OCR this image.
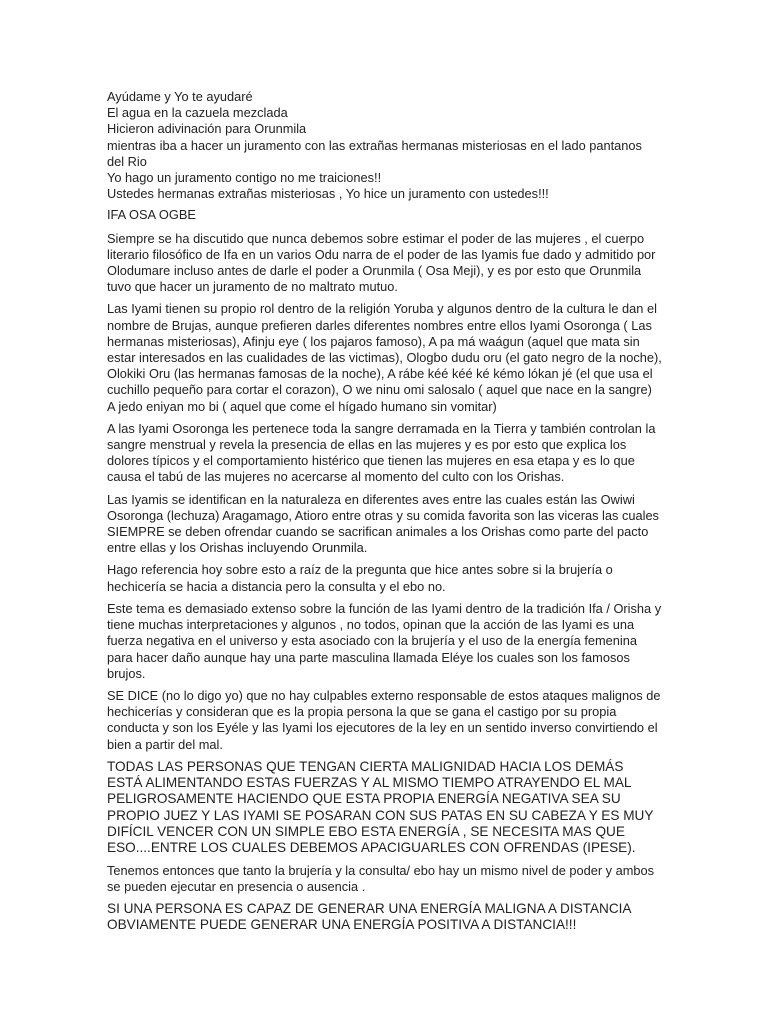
Ayúdame y Yo te ayudaré

El agua en la cazuela mezclada

Hicieron adivinación para Orunmila

mientras iba a hacer un juramento con las extrañas hermanas misteriosas en el lado pantanos del Rio

Yo hago un juramento contigo no me traiciones!!

Ustedes hermanas extrañas misteriosas , Yo hice un juramento con ustedes!!!

IFA OSA OGBE

Siempre se ha discutido que nunca debemos sobre estimar el poder de las mujeres , el cuerpo literario filosófico de Ifa en un varios Odu narra de el poder de las Iyamis fue dado y admitido por Olodumare incluso antes de darle el poder a Orunmila ( Osa Meji), y es por esto que Orunmila tuvo que hacer un juramento de no maltrato mutuo.

Las Iyami tienen su propio rol dentro de la religión Yoruba y algunos dentro de la cultura le dan el nombre de Brujas, aunque prefieren darles diferentes nombres entre ellos Iyami Osoronga ( Las hermanas misteriosas), Afinju eye ( los pajaros famoso), A pa má waágun (aquel que mata sin estar interesados en las cualidades de las victimas), Ologbo dudu oru (el gato negro de la noche), Olokiki Oru (las hermanas famosas de la noche), A rábe kéé kéé ké kémo lókan jé (el que usa el cuchillo pequeño para cortar el corazon), O we ninu omi salosalo ( aquel que nace en la sangre) A jedo eniyan mo bi ( aquel que come el hígado humano sin vomitar)

A las Iyami Osoronga les pertenece toda la sangre derramada en la Tierra y también controlan la sangre menstrual y revela la presencia de ellas en las mujeres y es por esto que explica los dolores típicos y el comportamiento histérico que tienen las mujeres en esa etapa y es lo que causa el tabú de las mujeres no acercarse al momento del culto con los Orishas.

Las Iyamis se identifican en la naturaleza en diferentes aves entre las cuales están las Owiwi Osoronga (lechuza) Aragamago, Atioro entre otras y su comida favorita son las viceras las cuales SIEMPRE se deben ofrendar cuando se sacrifican animales a los Orishas como parte del pacto entre ellas y los Orishas incluyendo Orunmila.

Hago referencia hoy sobre esto a raíz de la pregunta que hice antes sobre si la brujería o hechicería se hacia a distancia pero la consulta y el ebo no.

Este tema es demasiado extenso sobre la función de las Iyami dentro de la tradición Ifa / Orisha y tiene muchas interpretaciones y algunos , no todos, opinan que la acción de las Iyami es una fuerza negativa en el universo y esta asociado con la brujería y el uso de la energía femenina para hacer daño aunque hay una parte masculina llamada Eléye los cuales son los famosos brujos.

SE DICE (no lo digo yo) que no hay culpables externo responsable de estos ataques malignos de hechicerías y consideran que es la propia persona la que se gana el castigo por su propia conducta y son los Eyéle y las Iyami los ejecutores de la ley en un sentido inverso convirtiendo el bien a partir del mal.

TODAS LAS PERSONAS QUE TENGAN CIERTA MALIGNIDAD HACIA LOS DEMÁS ESTÁ ALIMENTANDO ESTAS FUERZAS Y AL MISMO TIEMPO ATRAYENDO EL MAL PELIGROSAMENTE HACIENDO QUE ESTA PROPIA ENERGÍA NEGATIVA SEA SU PROPIO JUEZ Y LAS IYAMI SE POSARAN CON SUS PATAS EN SU CABEZA Y ES MUY DIFÍCIL VENCER CON UN SIMPLE EBO ESTA ENERGÍA , SE NECESITA MAS QUE ESO....ENTRE LOS CUALES DEBEMOS APACIGUARLES CON OFRENDAS (IPESE).

Tenemos entonces que tanto la brujería y la consulta/ ebo hay un mismo nivel de poder y ambos se pueden ejecutar en presencia o ausencia .

SI UNA PERSONA ES CAPAZ DE GENERAR UNA ENERGÍA MALIGNA A DISTANCIA OBVIAMENTE PUEDE GENERAR UNA ENERGÍA POSITIVA A DISTANCIA!!!
